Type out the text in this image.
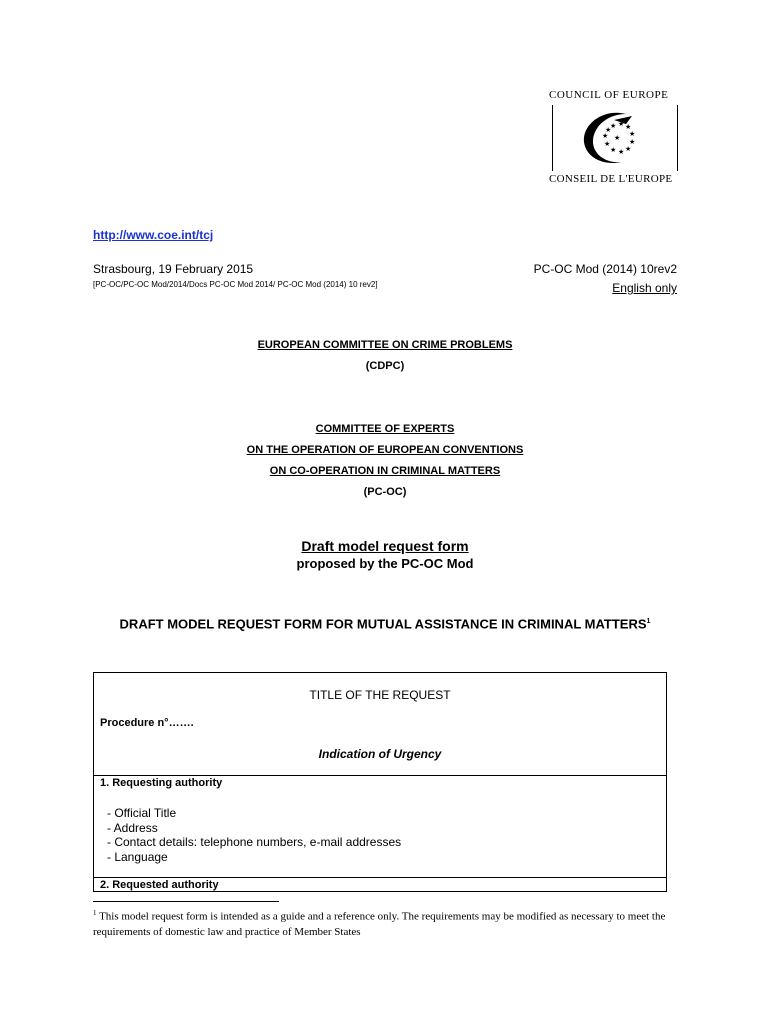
COUNCIL OF EUROPE
★ ★ ★
★
★
★
★
★
★
★
★
★
CONSEIL DE L'EUROPE
http://www.coe.int/tcj
Strasbourg, 19 February 2015
[PC-OC/PC-OC Mod/2014/Docs PC-OC Mod 2014/ PC-OC Mod (2014) 10 rev2]
PC-OC Mod (2014) 10rev2
English only
EUROPEAN COMMITTEE ON CRIME PROBLEMS
(CDPC)
COMMITTEE OF EXPERTS
ON THE OPERATION OF EUROPEAN CONVENTIONS
ON CO-OPERATION IN CRIMINAL MATTERS
(PC-OC)
Draft model request form
proposed by the PC-OC Mod
DRAFT MODEL REQUEST FORM FOR MUTUAL ASSISTANCE IN CRIMINAL MATTERS$^1$
TITLE OF THE REQUEST
Procedure n°…….
Indication of Urgency
1. Requesting authority
- Official Title
- Address
- Contact details: telephone numbers, e-mail addresses
- Language
2. Requested authority
$^1$ This model request form is intended as a guide and a reference only. The requirements may be modified as necessary to meet the requirements of domestic law and practice of Member States
